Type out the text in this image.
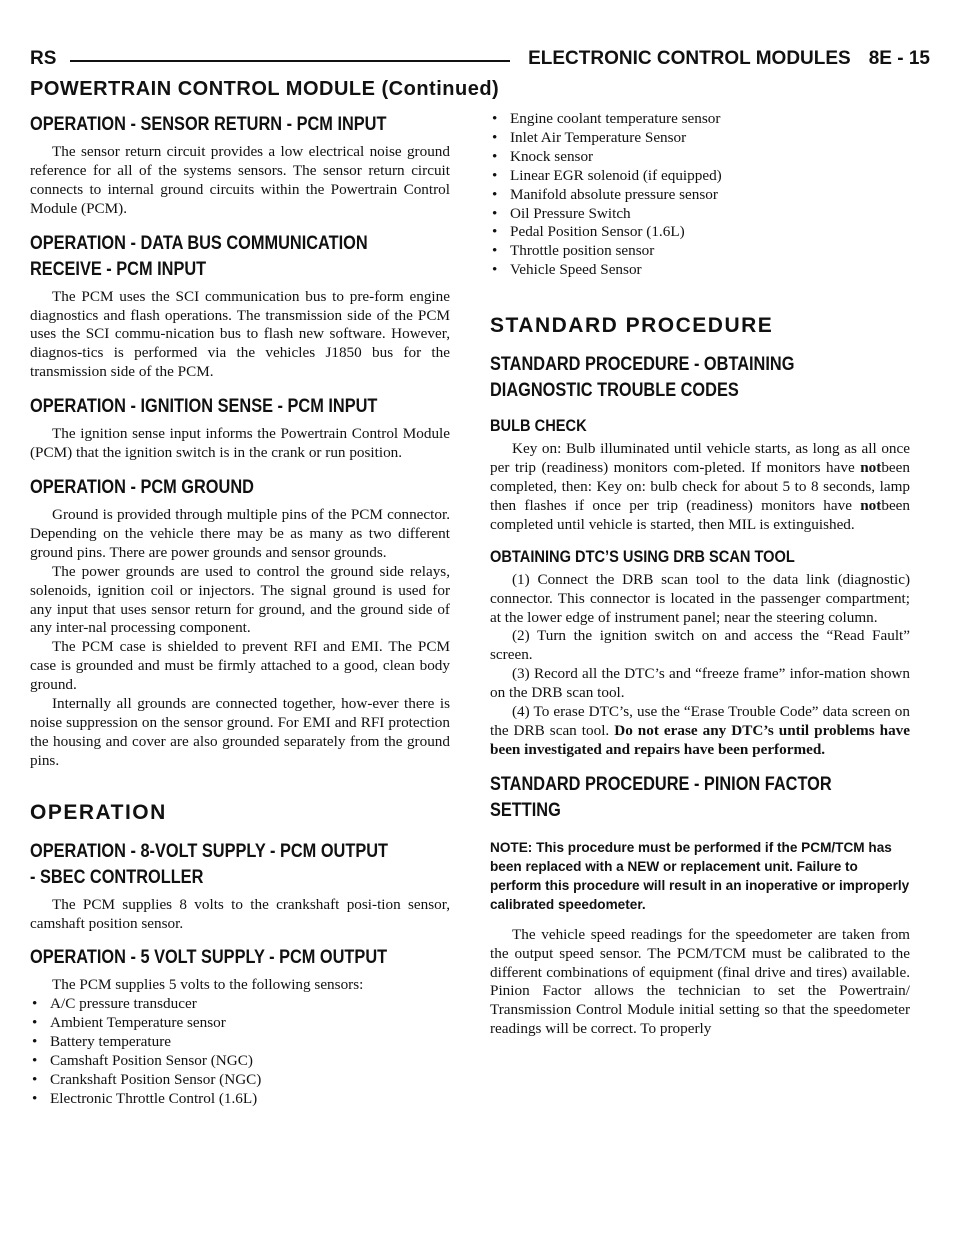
RS	ELECTRONIC CONTROL MODULES 8E - 15
POWERTRAIN CONTROL MODULE (Continued)
OPERATION - SENSOR RETURN - PCM INPUT

The sensor return circuit provides a low electrical noise ground reference for all of the systems sensors. The sensor return circuit connects to internal ground circuits within the Powertrain Control Module (PCM).

OPERATION - DATA BUS COMMUNICATION
RECEIVE - PCM INPUT

The PCM uses the SCI communication bus to pre-form engine diagnostics and flash operations. The transmission side of the PCM uses the SCI commu-nication bus to flash new software. However, diagnos-tics is performed via the vehicles J1850 bus for the transmission side of the PCM.

OPERATION - IGNITION SENSE - PCM INPUT

The ignition sense input informs the Powertrain Control Module (PCM) that the ignition switch is in the crank or run position.

OPERATION - PCM GROUND

Ground is provided through multiple pins of the PCM connector. Depending on the vehicle there may be as many as two different ground pins. There are power grounds and sensor grounds.

The power grounds are used to control the ground side relays, solenoids, ignition coil or injectors. The signal ground is used for any input that uses sensor return for ground, and the ground side of any inter-nal processing component.

The PCM case is shielded to prevent RFI and EMI. The PCM case is grounded and must be firmly attached to a good, clean body ground.

Internally all grounds are connected together, how-ever there is noise suppression on the sensor ground. For EMI and RFI protection the housing and cover are also grounded separately from the ground pins.

OPERATION
OPERATION - 8-VOLT SUPPLY - PCM OUTPUT
- SBEC CONTROLLER

The PCM supplies 8 volts to the crankshaft posi-tion sensor, camshaft position sensor.

OPERATION - 5 VOLT SUPPLY - PCM OUTPUT

The PCM supplies 5 volts to the following sensors:

• A/C pressure transducer
• Ambient Temperature sensor
• Battery temperature
• Camshaft Position Sensor (NGC)
• Crankshaft Position Sensor (NGC)
• Electronic Throttle Control (1.6L)
• Engine coolant temperature sensor
• Inlet Air Temperature Sensor
• Knock sensor
• Linear EGR solenoid (if equipped)
• Manifold absolute pressure sensor
• Oil Pressure Switch
• Pedal Position Sensor (1.6L)
• Throttle position sensor
• Vehicle Speed Sensor
STANDARD PROCEDURE
STANDARD PROCEDURE - OBTAINING
DIAGNOSTIC TROUBLE CODES
BULB CHECK

Key on: Bulb illuminated until vehicle starts, as long as all once per trip (readiness) monitors com-pleted. If monitors have notbeen completed, then: Key on: bulb check for about 5 to 8 seconds, lamp then flashes if once per trip (readiness) monitors have notbeen completed until vehicle is started, then MIL is extinguished.

OBTAINING DTC’S USING DRB SCAN TOOL

(1) Connect the DRB scan tool to the data link (diagnostic) connector. This connector is located in the passenger compartment; at the lower edge of instrument panel; near the steering column.

(2) Turn the ignition switch on and access the “Read Fault” screen.

(3) Record all the DTC’s and “freeze frame” infor-mation shown on the DRB scan tool.

(4) To erase DTC’s, use the “Erase Trouble Code” data screen on the DRB scan tool. Do not erase any DTC’s until problems have been investigated and repairs have been performed.

STANDARD PROCEDURE - PINION FACTOR
SETTING
NOTE: This procedure must be performed if the PCM/TCM has been replaced with a NEW or replacement unit. Failure to perform this procedure will result in an inoperative or improperly calibrated speedometer.

The vehicle speed readings for the speedometer are taken from the output speed sensor. The PCM/TCM must be calibrated to the different combinations of equipment (final drive and tires) available. Pinion Factor allows the technician to set the Powertrain/ Transmission Control Module initial setting so that the speedometer readings will be correct. To properly
